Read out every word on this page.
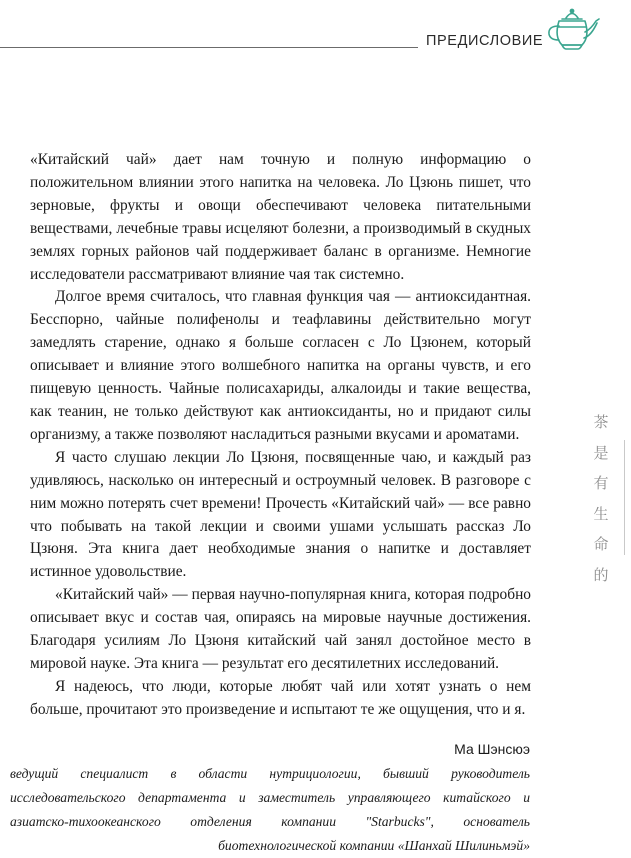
ПРЕДИСЛОВИЕ

«Китайский чай» дает нам точную и полную информацию о положительном влиянии этого напитка на человека. Ло Цзюнь пишет, что зерновые, фрукты и овощи обеспечивают человека питательными веществами, лечебные травы исцеляют болезни, а производимый в скудных землях горных районов чай поддерживает баланс в организме. Немногие исследователи рассматривают влияние чая так системно.

Долгое время считалось, что главная функция чая — антиоксидантная. Бесспорно, чайные полифенолы и теафлавины действительно могут замедлять старение, однако я больше согласен с Ло Цзюнем, который описывает и влияние этого волшебного напитка на органы чувств, и его пищевую ценность. Чайные полисахариды, алкалоиды и такие вещества, как теанин, не только действуют как антиоксиданты, но и придают силы организму, а также позволяют насладиться разными вкусами и ароматами.

Я часто слушаю лекции Ло Цзюня, посвященные чаю, и каждый раз удивляюсь, насколько он интересный и остроумный человек. В разговоре с ним можно потерять счет времени! Прочесть «Китайский чай» — все равно что побывать на такой лекции и своими ушами услышать рассказ Ло Цзюня. Эта книга дает необходимые знания о напитке и доставляет истинное удовольствие.

«Китайский чай» — первая научно-популярная книга, которая подробно описывает вкус и состав чая, опираясь на мировые научные достижения. Благодаря усилиям Ло Цзюня китайский чай занял достойное место в мировой науке. Эта книга — результат его десятилетних исследований.

Я надеюсь, что люди, которые любят чай или хотят узнать о нем больше, прочитают это произведение и испытают те же ощущения, что и я.

茶
是
有
生
命
的

Ма Шэнсюэ

ведущий специалист в области нутрициологии, бывший руководитель исследовательского департамента и заместитель управляющего китайского и азиатско-тихоокеанского отделения компании "Starbucks", основатель биотехнологической компании «Шанхай Шилиньмэй»
